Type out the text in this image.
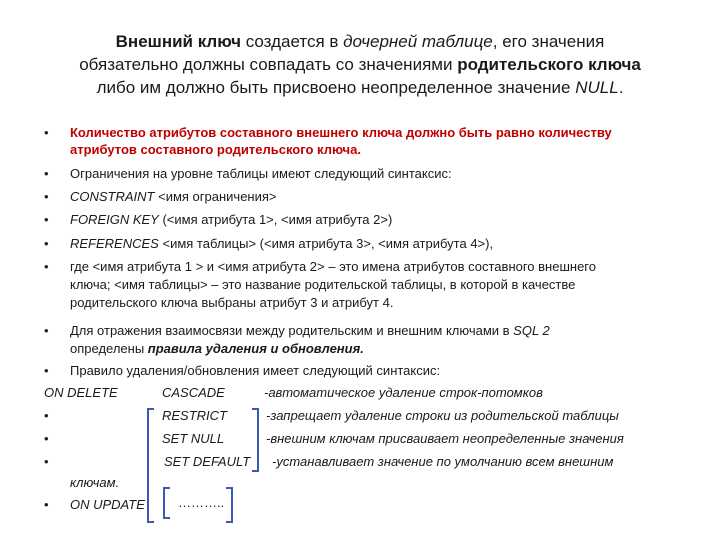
Внешний ключ создается в дочерней таблице, его значения
обязательно должны совпадать со значениями родительского ключа
либо им должно быть присвоено неопределенное значение NULL.
• Количество атрибутов составного внешнего ключа должно быть равно количеству
атрибутов составного родительского ключа.
• Ограничения на уровне таблицы имеют следующий синтаксис:
• CONSTRAINT <имя ограничения>
• FOREIGN KEY (<имя атрибута 1>, <имя атрибута 2>)
• REFERENCES <имя таблицы> (<имя атрибута 3>, <имя атрибута 4>),
• где <имя атрибута 1 > и <имя атрибута 2> – это имена атрибутов составного внешнего
ключа; <имя таблицы> – это название родительской таблицы, в которой в качестве
родительского ключа выбраны атрибут 3 и атрибут 4.
• Для отражения взаимосвязи между родительским и внешним ключами в SQL 2
определены правила удаления и обновления.
• Правило удаления/обновления имеет следующий синтаксис:
ON DELETE	CASCADE	-автоматическое удаление строк-потомков
•	RESTRICT	-запрещает удаление строки из родительской таблицы
•	SET NULL	-внешним ключам присваивает неопределенные значения
•	SET DEFAULT -устанавливает значение по умолчанию всем внешним
ключам.
• ON UPDATE	………..
